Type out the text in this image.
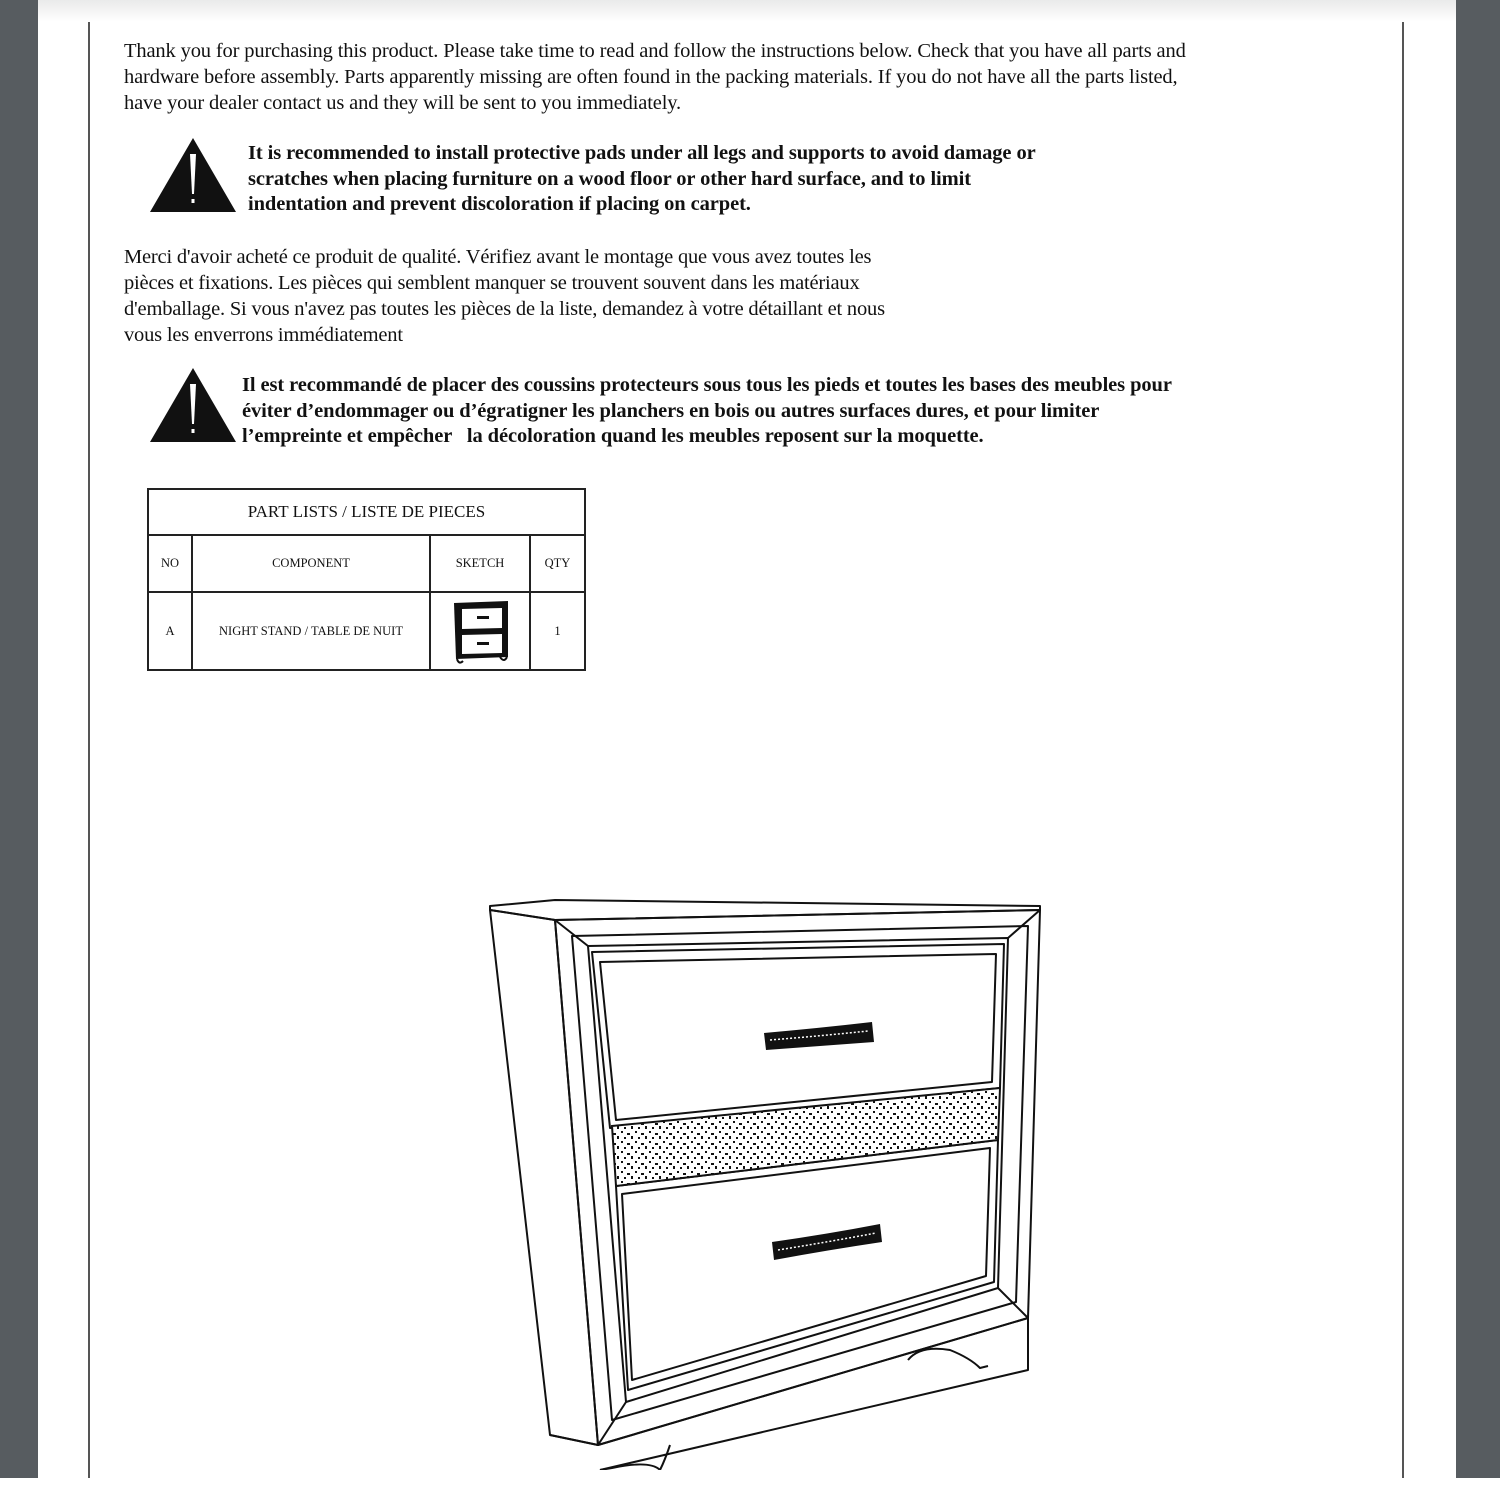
Thank you for purchasing this product. Please take time to read and follow the instructions below. Check that you have all parts and
hardware before assembly. Parts apparently missing are often found in the packing materials. If you do not have all the parts listed,
have your dealer contact us and they will be sent to you immediately.
It is recommended to install protective pads under all legs and supports to avoid damage or
scratches when placing furniture on a wood floor or other hard surface, and to limit
indentation and prevent discoloration if placing on carpet.
Merci d'avoir acheté ce produit de qualité. Vérifiez avant le montage que vous avez toutes les
pièces et fixations. Les pièces qui semblent manquer se trouvent souvent dans les matériaux
d'emballage. Si vous n'avez pas toutes les pièces de la liste, demandez à votre détaillant et nous
vous les enverrons immédiatement
Il est recommandé de placer des coussins protecteurs sous tous les pieds et toutes les bases des meubles pour
éviter d’endommager ou d’égratigner les planchers en bois ou autres surfaces dures, et pour limiter
l’empreinte et empêcher   la décoloration quand les meubles reposent sur la moquette.
PART LISTS / LISTE DE PIECES			
NO	COMPONENT	SKETCH	QTY
A	NIGHT STAND / TABLE DE NUIT		1
